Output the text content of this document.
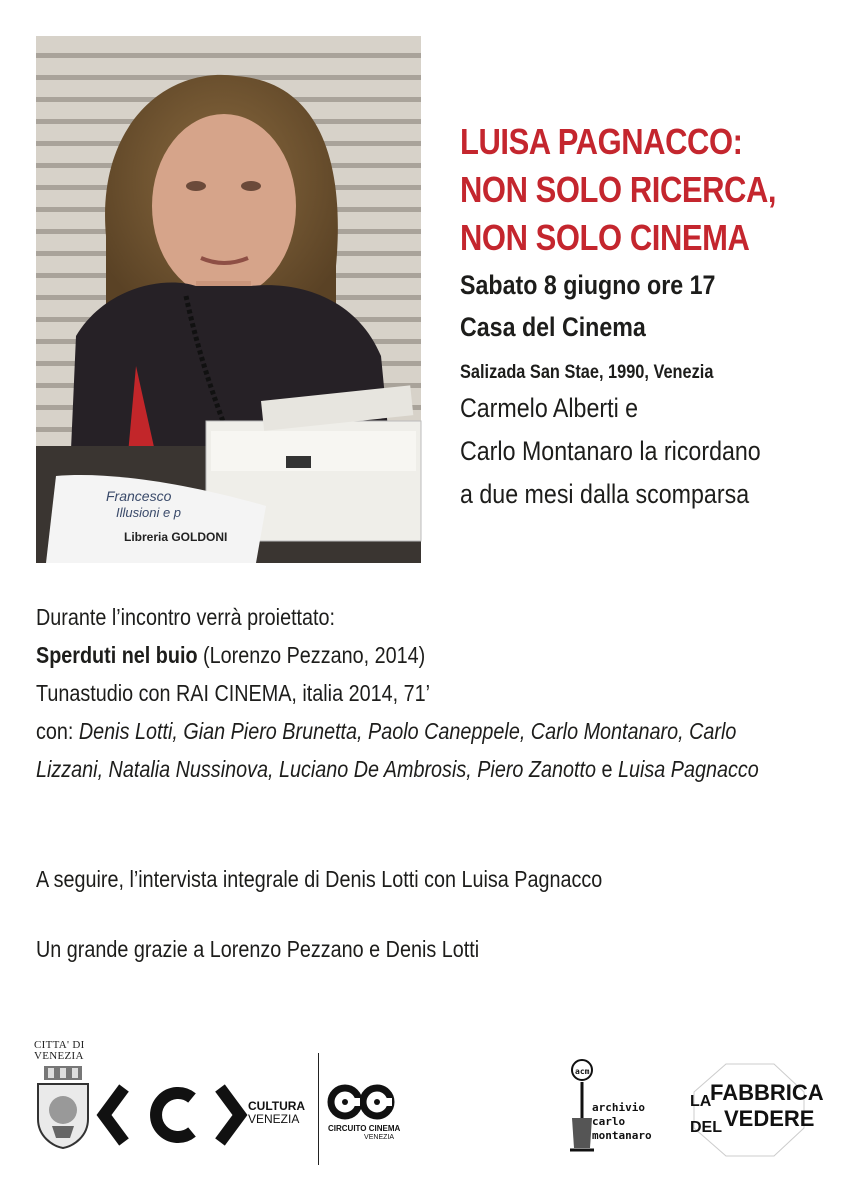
Francesco
Illusioni e p
Libreria GOLDONI
LUISA PAGNACCO:
NON SOLO RICERCA,
NON SOLO CINEMA
Sabato 8 giugno ore 17
Casa del Cinema
Salizada San Stae, 1990, Venezia
Carmelo Alberti e
Carlo Montanaro la ricordano
a due mesi dalla scomparsa
Durante l’incontro verrà proiettato:
Sperduti nel buio (Lorenzo Pezzano, 2014)
Tunastudio con RAI CINEMA, italia 2014, 71’
con: Denis Lotti, Gian Piero Brunetta, Paolo Caneppele, Carlo Montanaro, Carlo
Lizzani, Natalia Nussinova, Luciano De Ambrosis, Piero Zanotto e Luisa Pagnacco
A seguire, l’intervista integrale di Denis Lotti con Luisa Pagnacco
Un grande grazie a Lorenzo Pezzano e Denis Lotti
CITTA' DI
VENEZIA
CULTURA
VENEZIA
CIRCUITO CINEMA
VENEZIA
acm
archivio
carlo
montanaro
LA
FABBRICA
DEL VEDERE
